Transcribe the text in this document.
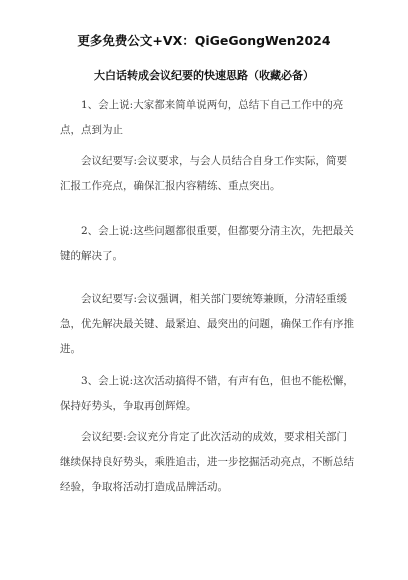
更多免费公文+VX：QiGeGongWen2024
大白话转成会议纪要的快速思路（收藏必备）
1、会上说:大家都来简单说两句，总结下自己工作中的亮点，点到为止
会议纪要写:会议要求，与会人员结合自身工作实际，简要汇报工作亮点，确保汇报内容精练、重点突出。
2、会上说:这些问题都很重要，但都要分清主次，先把最关键的解决了。
会议纪要写:会议强调，相关部门要统筹兼顾，分清轻重缓急，优先解决最关键、最紧迫、最突出的问题，确保工作有序推进。
3、会上说:这次活动搞得不错，有声有色，但也不能松懈，保持好势头，争取再创辉煌。
会议纪要:会议充分肯定了此次活动的成效，要求相关部门继续保持良好势头，乘胜追击，进一步挖掘活动亮点，不断总结经验，争取将活动打造成品牌活动。
